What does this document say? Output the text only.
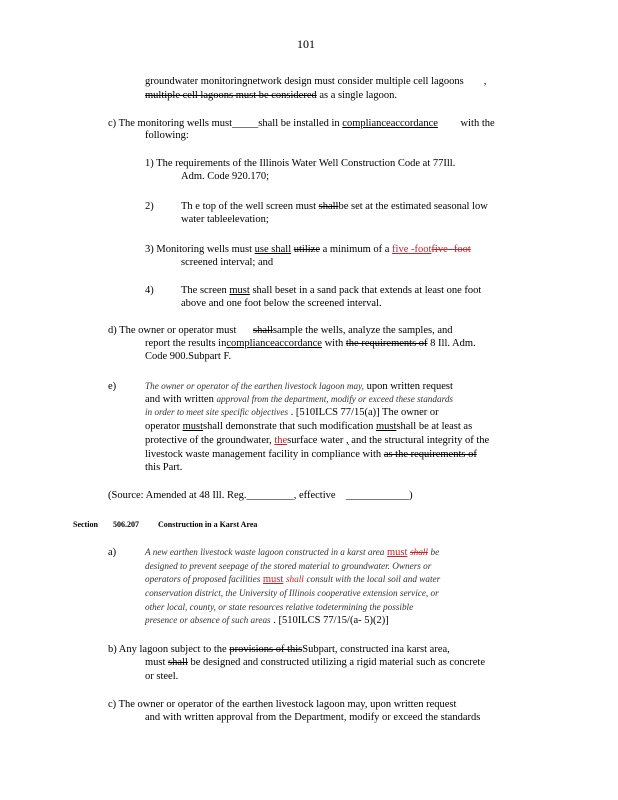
101
groundwater monitoringnetwork design must consider multiple cell lagoons ,
multiple cell lagoons must be considered as a single lagoon.
c) The monitoring wells must_____shall be installed in complianceaccordance with the
following:
1) The requirements of the Illinois Water Well Construction Code at 77Ill.
Adm. Code 920.170;
2)	Th e top of the well screen must shallbe set at the estimated seasonal low
water tableelevation;
3) Monitoring wells must use shall utilize a minimum of a five -footfive- foot
screened interval; and
4)	The screen must shall beset in a sand pack that extends at least one foot
above and one foot below the screened interval.
d) The owner or operator must shallsample the wells, analyze the samples, and
report the results incomplianceaccordance with the requirements of 8 Ill. Adm.
Code 900.Subpart F.
e)	The owner or operator of the earthen livestock lagoon may, upon written request
and with written approval from the department, modify or exceed these standards
in order to meet site specific objectives . [510ILCS 77/15(a)] The owner or
operator mustshall demonstrate that such modification mustshall be at least as
protective of the groundwater, thesurface water , and the structural integrity of the
livestock waste management facility in compliance with as the requirements of
this Part.
(Source: Amended at 48 Ill. Reg._________, effective ____________)
Section 506.207 Construction in a Karst Area
a)	A new earthen livestock waste lagoon constructed in a karst area must shall be
designed to prevent seepage of the stored material to groundwater. Owners or
operators of proposed facilities must shall consult with the local soil and water
conservation district, the University of Illinois cooperative extension service, or
other local, county, or state resources relative todetermining the possible
presence or absence of such areas . [510ILCS 77/15/(a- 5)(2)]
b) Any lagoon subject to the provisions of thisSubpart, constructed ina karst area,
must shall be designed and constructed utilizing a rigid material such as concrete
or steel.
c) The owner or operator of the earthen livestock lagoon may, upon written request
and with written approval from the Department, modify or exceed the standards
